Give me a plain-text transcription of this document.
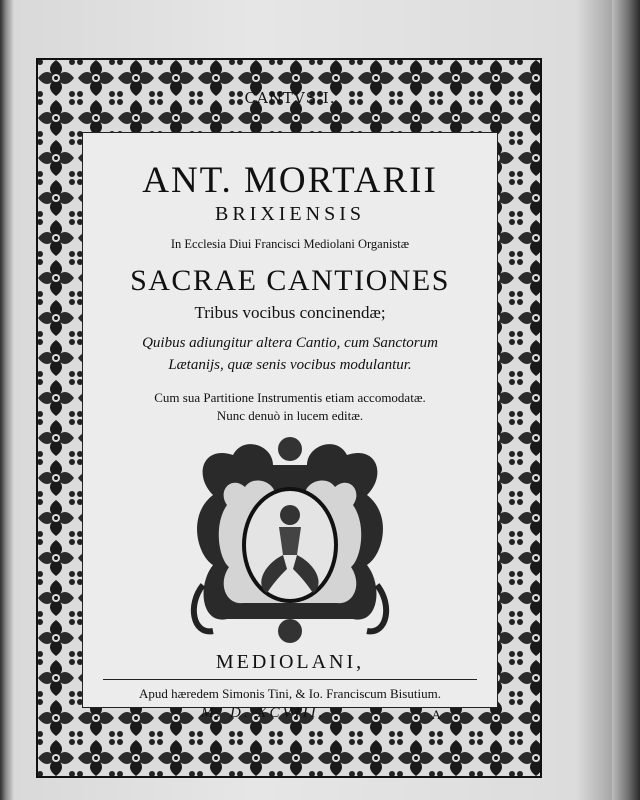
CANTVS I.
ANT. MORTARII
BRIXIENSIS
In Ecclesia Diui Francisci Mediolani Organistæ
SACRAE CANTIONES
Tribus vocibus concinendæ;
Quibus adiungitur altera Cantio, cum Sanctorum
Lætanijs, quæ senis vocibus modulantur.
Cum sua Partitione Instrumentis etiam accomodatæ.
Nunc denuò in lucem editæ.
MEDIOLANI,
Apud hæredem Simonis Tini, & Io. Franciscum Bisutium.
M. D. XCVIII.	A
